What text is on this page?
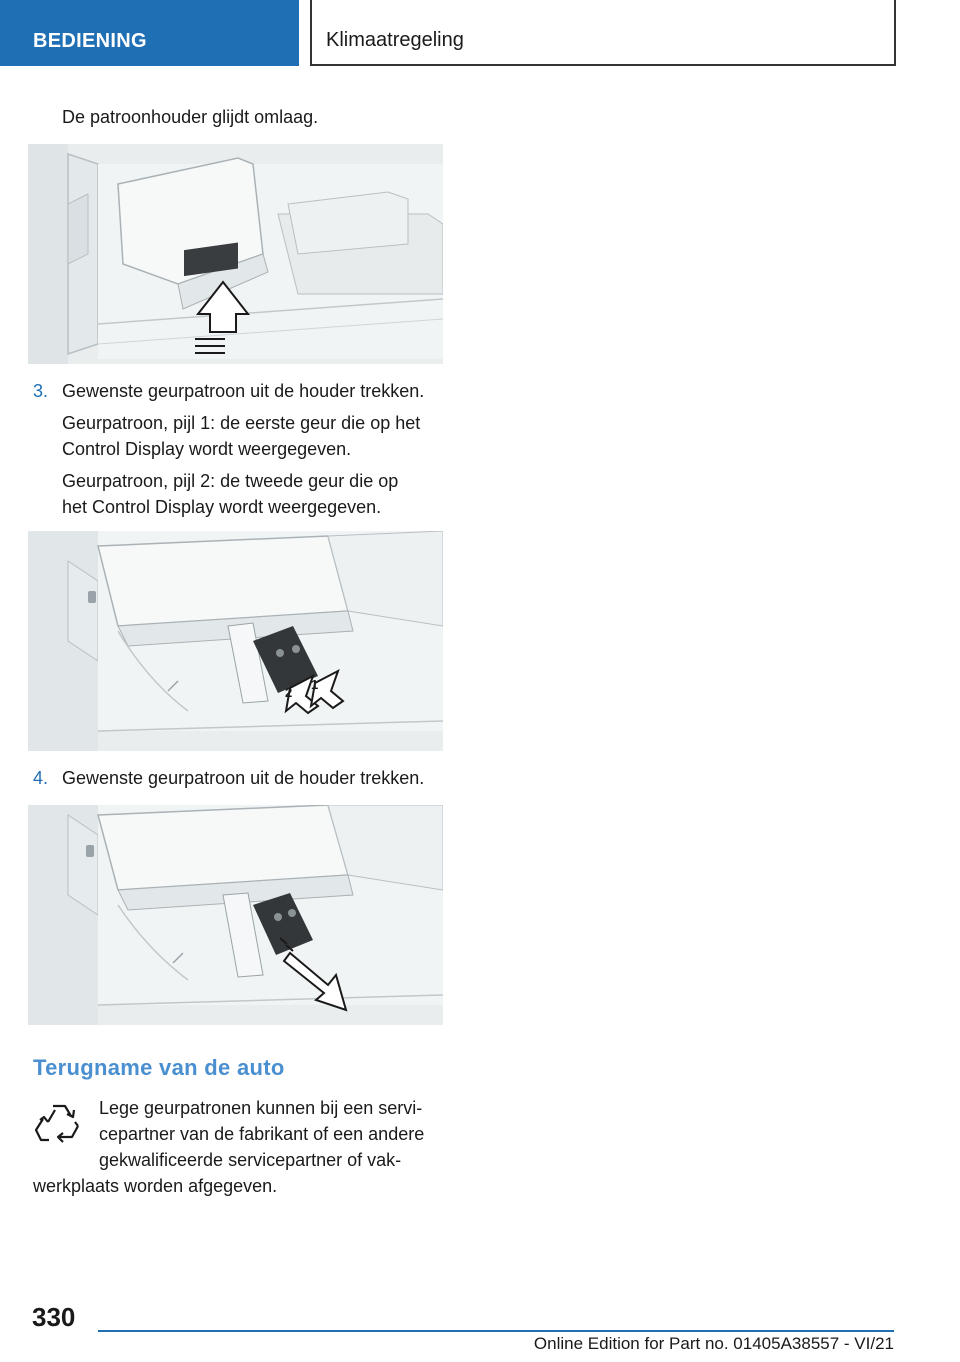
BEDIENING	Klimaatregeling
De patroonhouder glijdt omlaag.
3. Gewenste geurpatroon uit de houder trekken.
Geurpatroon, pijl 1: de eerste geur die op het Control Display wordt weergegeven.
Geurpatroon, pijl 2: de tweede geur die op het Control Display wordt weergegeven.
2
1
4. Gewenste geurpatroon uit de houder trekken.
Terugname van de auto
Lege geurpatronen kunnen bij een servi-
cepartner van de fabrikant of een andere
gekwalificeerde servicepartner of vak-
werkplaats worden afgegeven.
330
Online Edition for Part no. 01405A38557 - VI/21
